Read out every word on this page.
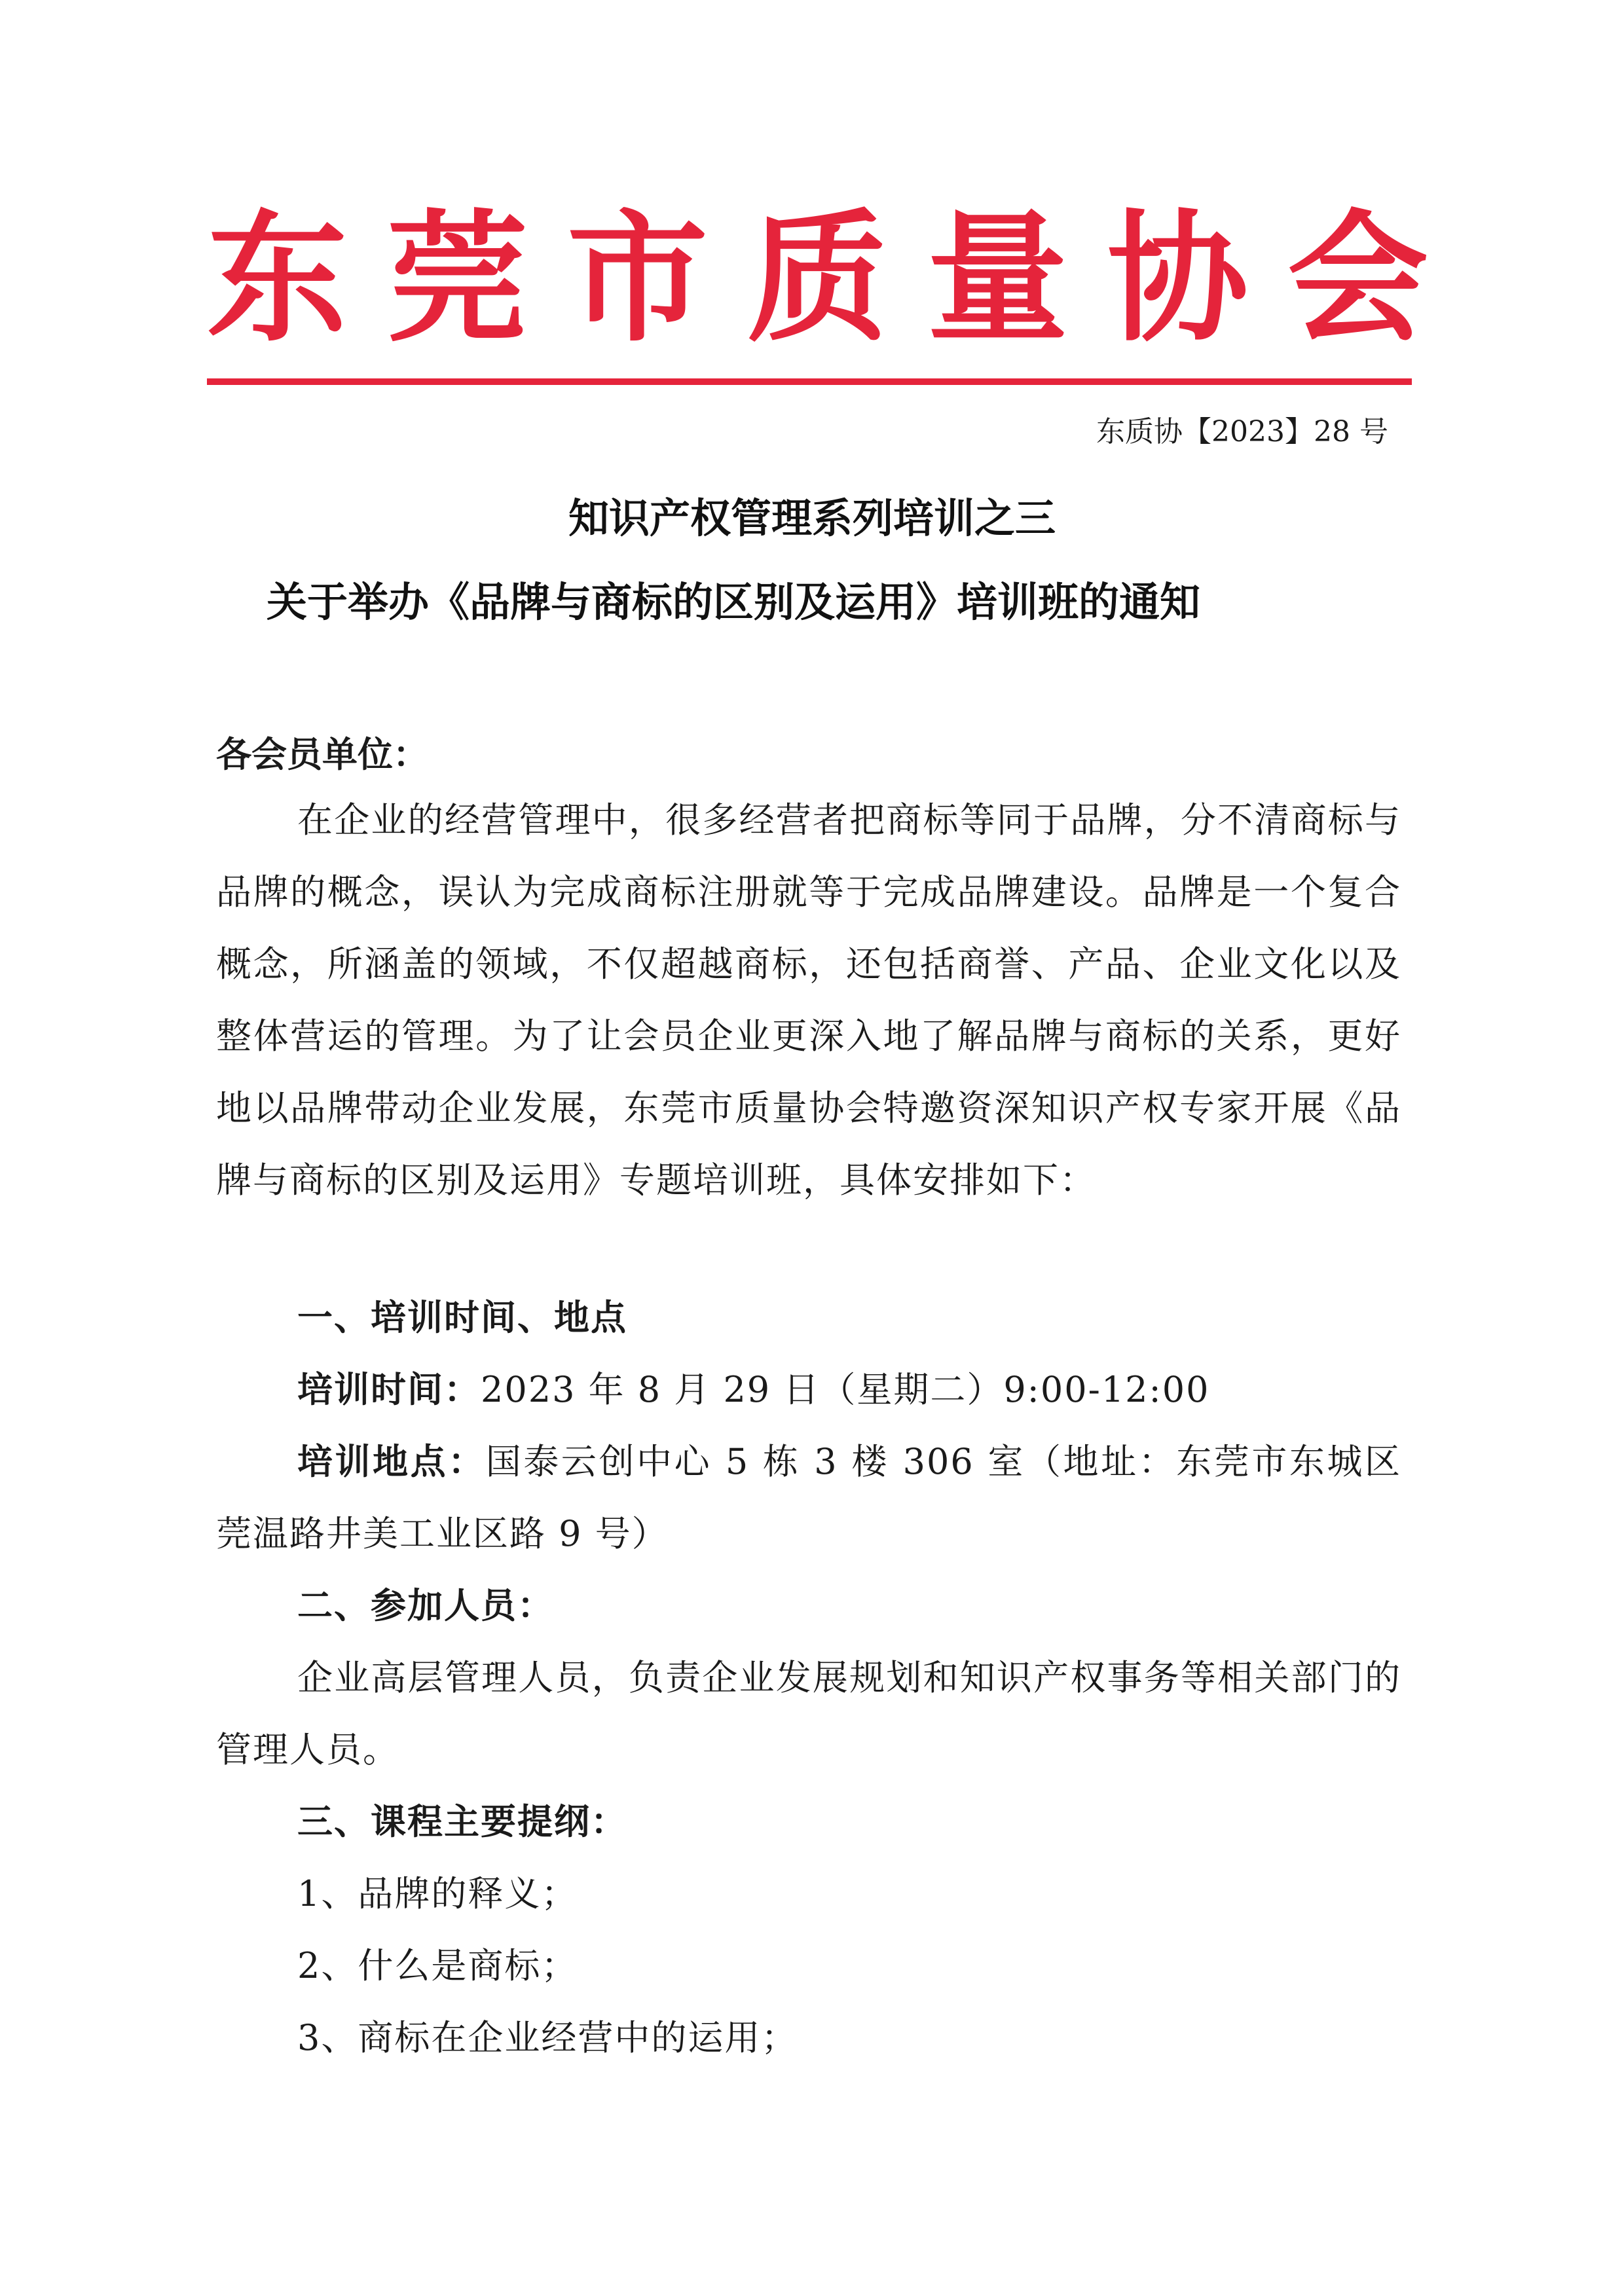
东莞市质量协会
东质协【2023】28 号
知识产权管理系列培训之三
关于举办《品牌与商标的区别及运用》培训班的通知
各会员单位：
在企业的经营管理中，很多经营者把商标等同于品牌，分不清商标与品牌的概念，误认为完成商标注册就等于完成品牌建设。品牌是一个复合概念，所涵盖的领域，不仅超越商标，还包括商誉、产品、企业文化以及整体营运的管理。为了让会员企业更深入地了解品牌与商标的关系，更好地以品牌带动企业发展，东莞市质量协会特邀资深知识产权专家开展《品牌与商标的区别及运用》专题培训班，具体安排如下：
一、培训时间、地点
培训时间：2023 年 8 月 29 日（星期二）9:00-12:00
培训地点：国泰云创中心 5 栋 3 楼 306 室（地址：东莞市东城区莞温路井美工业区路 9 号）
二、参加人员：
企业高层管理人员，负责企业发展规划和知识产权事务等相关部门的管理人员。
三、课程主要提纲：
1、品牌的释义；
2、什么是商标；
3、商标在企业经营中的运用；
